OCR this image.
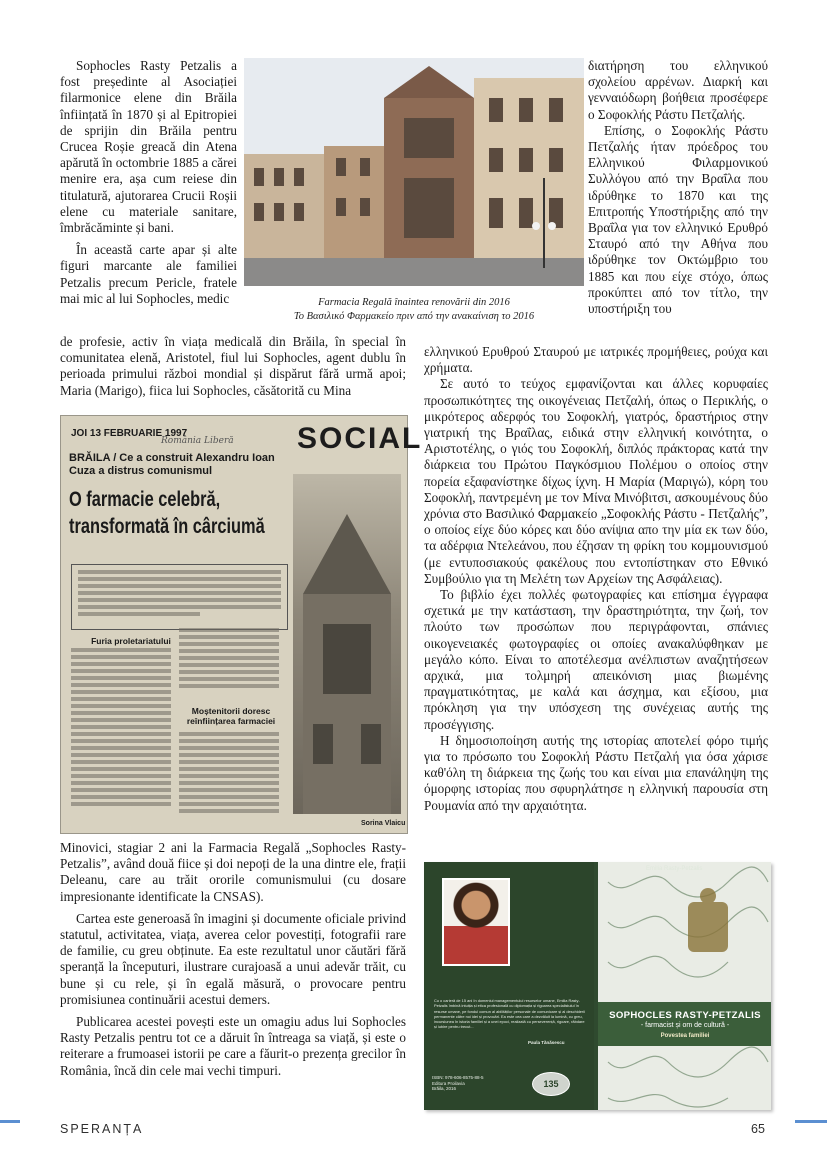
Sophocles Rasty Petzalis a fost președinte al Asociației filarmonice elene din Brăila înființată în 1870 și al Epitropiei de sprijin din Brăila pentru Crucea Roșie greacă din Atena apărută în octombrie 1885 a cărei menire era, așa cum reiese din titulatură, ajutorarea Crucii Roșii elene cu materiale sanitare, îmbrăcăminte și bani.

În această carte apar și alte figuri marcante ale familiei Petzalis precum Pericle, fratele mai mic al lui Sophocles, medic

de profesie, activ în viața medicală din Brăila, în special în comunitatea elenă, Aristotel, fiul lui Sophocles, agent dublu în perioada primului război mondial și dispărut fără urmă apoi; Maria (Marigo), fiica lui Sophocles, căsătorită cu Mina

Farmacia Regală înaintea renovării din 2016
Το Βασιλικό Φαρμακείο πριν από την ανακαίνιση το 2016

διατήρηση του ελληνικού σχολείου αρρένων. Διαρκή και γενναιόδωρη βοήθεια προσέφερε ο Σοφοκλής Ράστυ Πετζαλής.

Επίσης, ο Σοφοκλής Ράστυ Πετζαλής ήταν πρόεδρος του Ελληνικού Φιλαρμονικού Συλλόγου από την Βραΐλα που ιδρύθηκε το 1870 και της Επιτροπής Υποστήριξης από την Βραΐλα για τον ελληνικό Ερυθρό Σταυρό από την Αθήνα που ιδρύθηκε τον Οκτώμβριο του 1885 και που είχε στόχο, όπως προκύπτει από τον τίτλο, την υποστήριξη του

ελληνικού Ερυθρού Σταυρού με ιατρικές προμήθειες, ρούχα και χρήματα.

Σε αυτό το τεύχος εμφανίζονται και άλλες κορυφαίες προσωπικότητες της οικογένειας Πετζαλή, όπως ο Περικλής, ο μικρότερος αδερφός του Σοφοκλή, γιατρός, δραστήριος στην γιατρική της Βραΐλας, ειδικά στην ελληνική κοινότητα, ο Αριστοτέλης, ο γιός του Σοφοκλή, διπλός πράκτορας κατά την διάρκεια του Πρώτου Παγκόσμιου Πολέμου ο οποίος στην πορεία εξαφανίστηκε δίχως ίχνη. Η Μαρία (Μαριγώ), κόρη του Σοφοκλή, παντρεμένη με τον Μίνα Μινόβιτσι, ασκουμένους δύο χρόνια στο Βασιλικό Φαρμακείο „Σοφοκλής Ράστυ - Πετζαλής”, ο οποίος είχε δύο κόρες και δύο ανίψια απο την μία εκ των δύο, τα αδέρφια Ντελεάνου, που έζησαν τη φρίκη του κομμουνισμού (με εντυποσιακούς φακέλους που εντοπίστηκαν στο Εθνικό Συμβούλιο για τη Μελέτη των Αρχείων της Ασφάλειας).

Το βιβλίο έχει πολλές φωτογραφίες και επίσημα έγγραφα σχετικά με την κατάσταση, την δραστηριότητα, την ζωή, τον πλούτο των προσώπων που περιγράφονται, σπάνιες οικογενειακές φωτογραφίες οι οποίες ανακαλύφθηκαν με μεγάλο κόπο. Είναι το αποτέλεσμα ανέλπιστων αναζητήσεων αρχικά, μια τολμηρή απεικόνιση μιας βιωμένης πραγματικότητας, με καλά και άσχημα, και εξίσου, μια πρόκληση για την υπόσχεση της συνέχειας αυτής της προσέγγισης.

Η δημοσιοποίηση αυτής της ιστορίας αποτελεί φόρο τιμής για το πρόσωπο του Σοφοκλή Ράστυ Πετζαλή για όσα χάρισε καθ'όλη τη διάρκεια της ζωής του και είναι μια επανάληψη της όμορφης ιστορίας που σφυρηλάτησε η ελληνική παρουσία στη Ρουμανία από την αρχαιότητα.

JOI 13 FEBRUARIE 1997
România Liberă SOCIAL
BRĂILA / Ce a construit Alexandru Ioan Cuza a distrus comunismul
O farmacie celebră, transformată în cârciumă
Furia proletariatului
Moștenitorii doresc reînființarea farmaciei
Sorina Vlaicu

Minovici, stagiar 2 ani la Farmacia Regală „Sophocles Rasty-Petzalis”, având două fiice și doi nepoți de la una dintre ele, frații Deleanu, care au trăit ororile comunismului (cu dosare impresionante identificate la CNSAS).

Cartea este generoasă în imagini și documente oficiale privind statutul, activitatea, viața, averea celor povestiți, fotografii rare de familie, cu greu obținute. Ea este rezultatul unor căutări fără speranță la începuturi, ilustrare curajoasă a unui adevăr trăit, cu bune și cu rele, și în egală măsură, o provocare pentru promisiunea continuării acestui demers.

Publicarea acestei povești este un omagiu adus lui Sophocles Rasty Petzalis pentru tot ce a dăruit în întreaga sa viață, și este o reiterare a frumoasei istorii pe care a făurit-o prezența grecilor în România, încă din cele mai vechi timpuri.

Cu o carieră de 15 ani în domeniul managementului resurselor umane, Emilia Rasty-Petzalis îmbină intuiția și etica profesională cu diplomația și rigoarea specialistului în resurse umane, pe fondul comun al abilităților personale de comunicare și al deschiderii permanente către noi idei și provocări. Ea este cea care a dezvăluit la lumină, cu greu, incursiunea în istoria familiei și a unei epoci, realizată cu perseverență, rigoare, răbdare și iubire pentru trecut...
Paula Tănăsescu
ISBN: 978-606-8575-88-5
Editura Proilavia
Brăila, 2016	135
Emilia Rasty-Petzalis
SOPHOCLES RASTY-PETZALIS
- farmacist și om de cultură -
Povestea familiei
SPERANȚA	65
